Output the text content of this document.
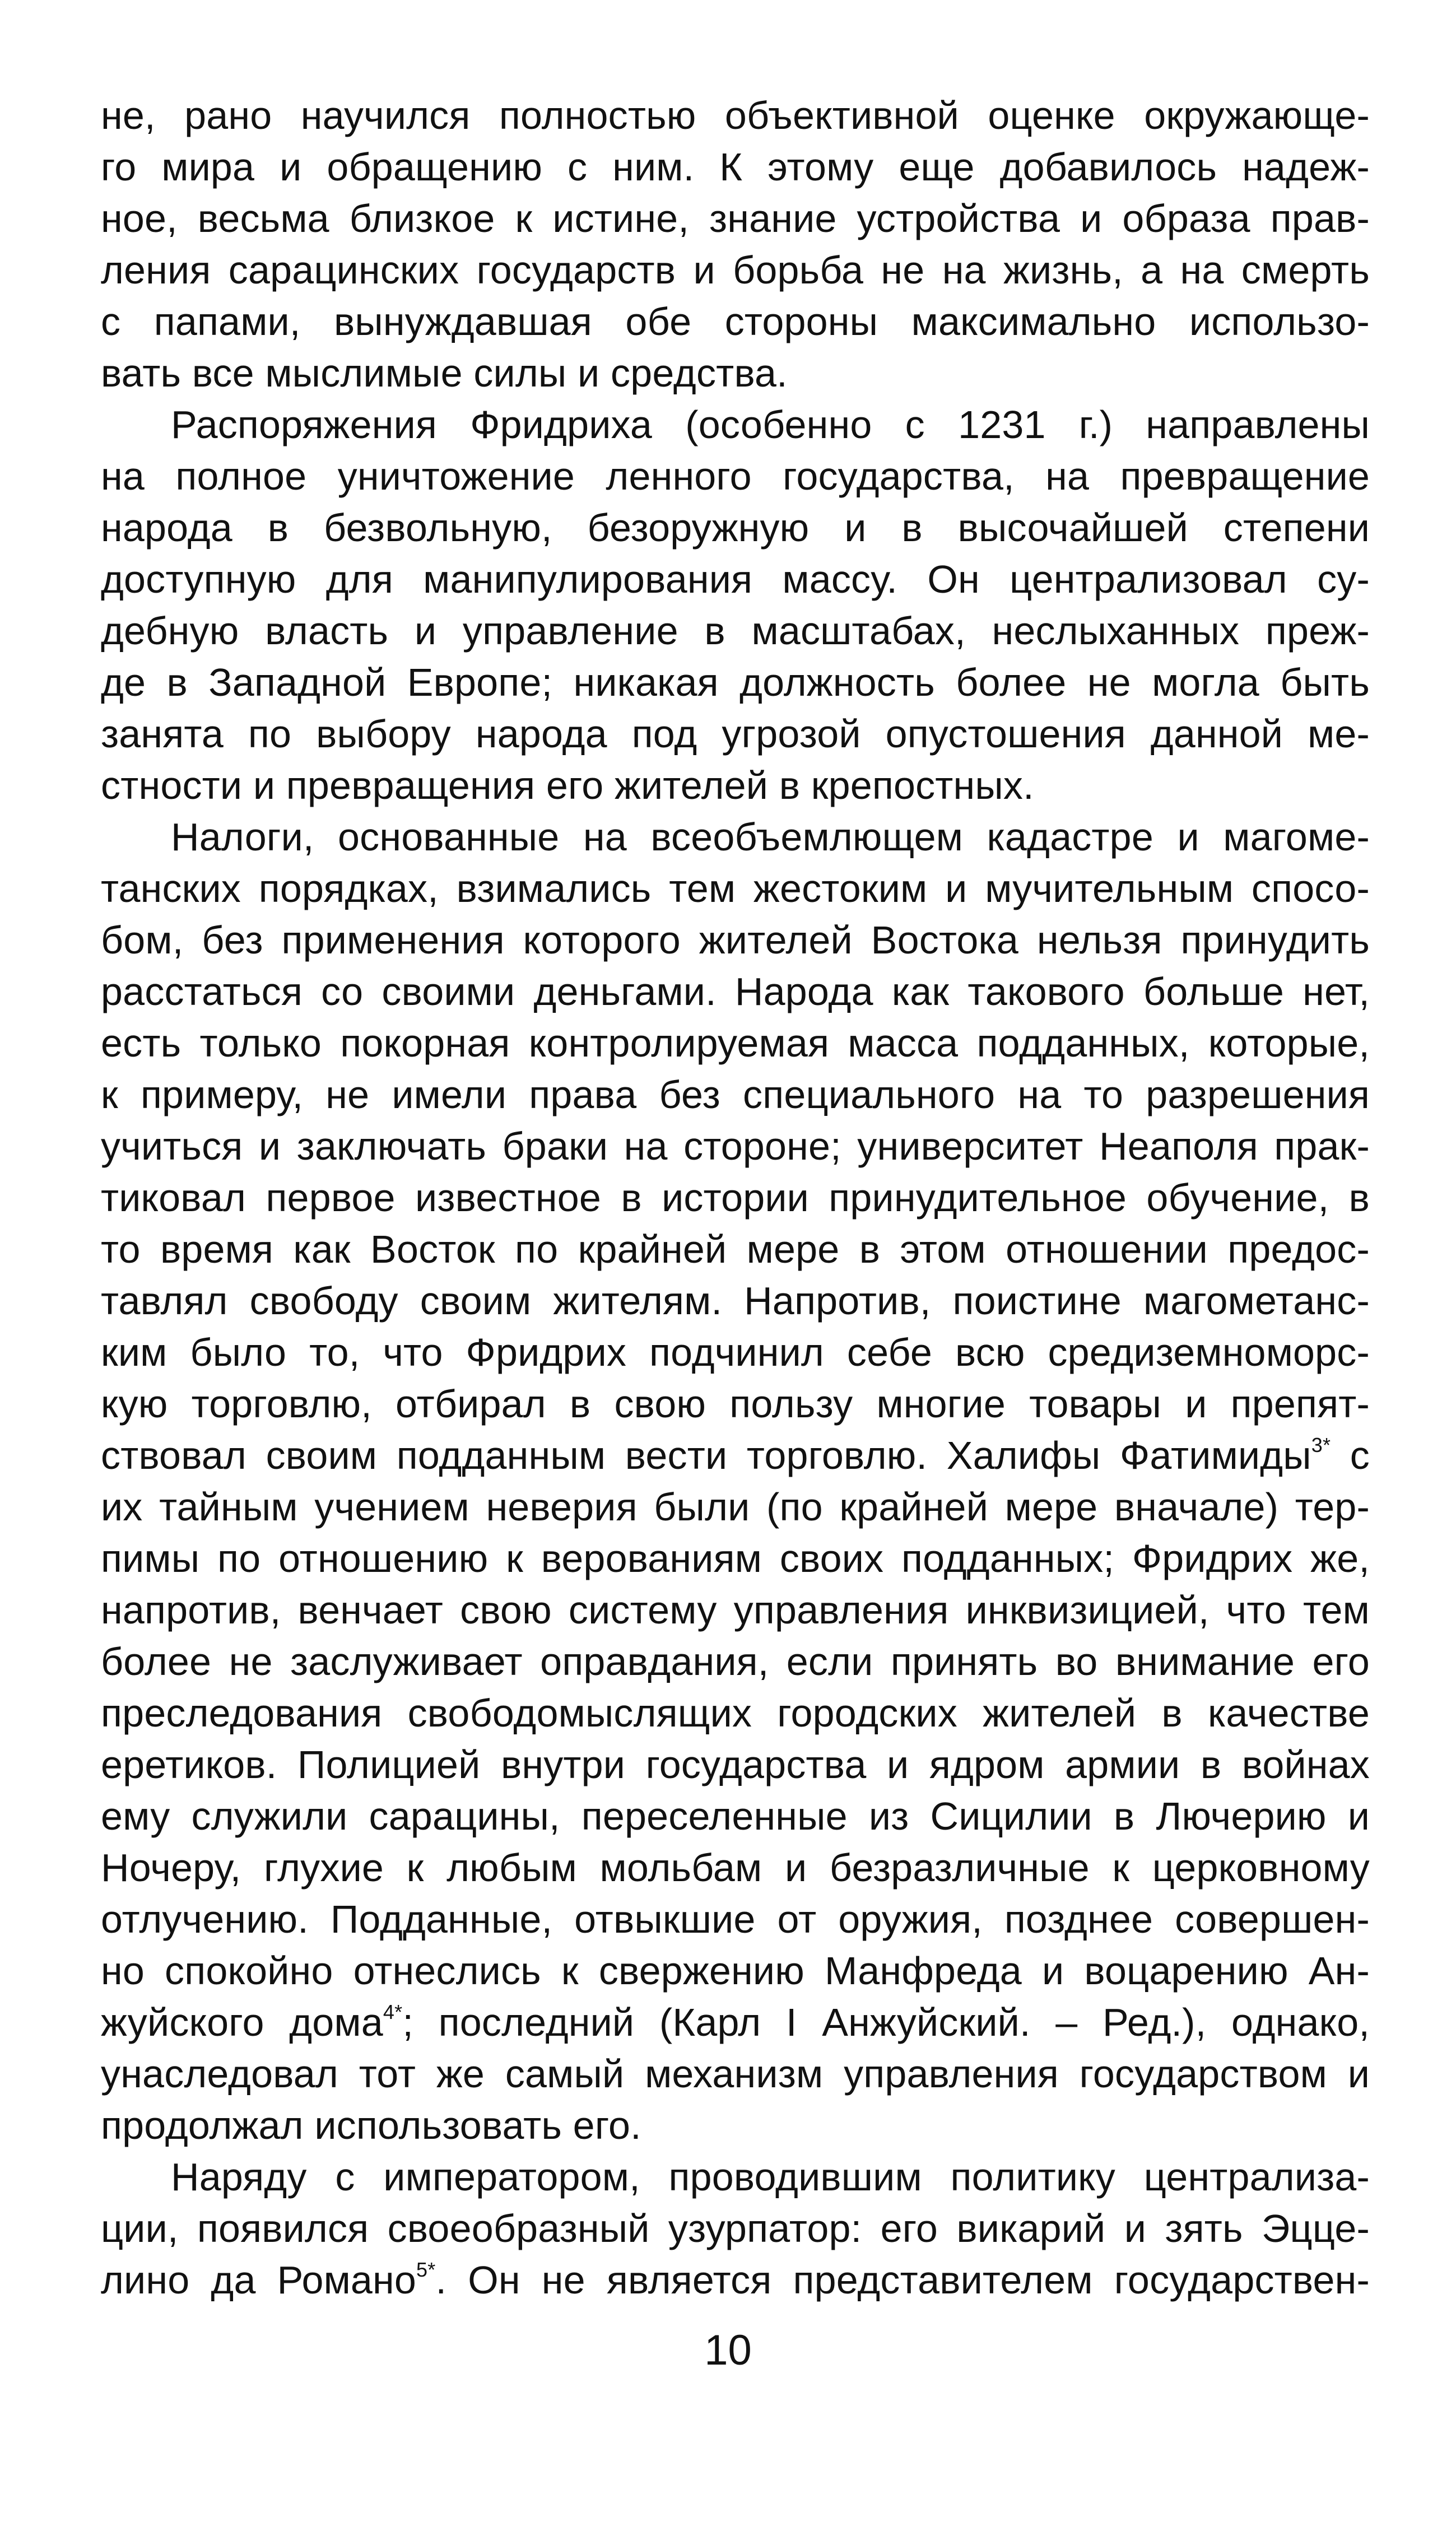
не, рано научился полностью объективной оценке окружающе-
го мира и обращению с ним. К этому еще добавилось надеж-
ное, весьма близкое к истине, знание устройства и образа прав-
ления сарацинских государств и борьба не на жизнь, а на смерть
с папами, вынуждавшая обе стороны максимально использо-
вать все мыслимые силы и средства.
Распоряжения Фридриха (особенно с 1231 г.) направлены
на полное уничтожение ленного государства, на превращение
народа в безвольную, безоружную и в высочайшей степени
доступную для манипулирования массу. Он централизовал су-
дебную власть и управление в масштабах, неслыханных преж-
де в Западной Европе; никакая должность более не могла быть
занята по выбору народа под угрозой опустошения данной ме-
стности и превращения его жителей в крепостных.
Налоги, основанные на всеобъемлющем кадастре и магоме-
танских порядках, взимались тем жестоким и мучительным спосо-
бом, без применения которого жителей Востока нельзя принудить
расстаться со своими деньгами. Народа как такового больше нет,
есть только покорная контролируемая масса подданных, которые,
к примеру, не имели права без специального на то разрешения
учиться и заключать браки на стороне; университет Неаполя прак-
тиковал первое известное в истории принудительное обучение, в
то время как Восток по крайней мере в этом отношении предос-
тавлял свободу своим жителям. Напротив, поистине магометанс-
ким было то, что Фридрих подчинил себе всю средиземноморс-
кую торговлю, отбирал в свою пользу многие товары и препят-
ствовал своим подданным вести торговлю. Халифы Фатимиды$^{3*}$ с
их тайным учением неверия были (по крайней мере вначале) тер-
пимы по отношению к верованиям своих подданных; Фридрих же,
напротив, венчает свою систему управления инквизицией, что тем
более не заслуживает оправдания, если принять во внимание его
преследования свободомыслящих городских жителей в качестве
еретиков. Полицией внутри государства и ядром армии в войнах
ему служили сарацины, переселенные из Сицилии в Лючерию и
Ночеру, глухие к любым мольбам и безразличные к церковному
отлучению. Подданные, отвыкшие от оружия, позднее совершен-
но спокойно отнеслись к свержению Манфреда и воцарению Ан-
жуйского дома$^{4*}$; последний (Карл I Анжуйский. – Ред.), однако,
унаследовал тот же самый механизм управления государством и
продолжал использовать его.
Наряду с императором, проводившим политику централиза-
ции, появился своеобразный узурпатор: его викарий и зять Эцце-
лино да Романо$^{5*}$. Он не является представителем государствен-
10
